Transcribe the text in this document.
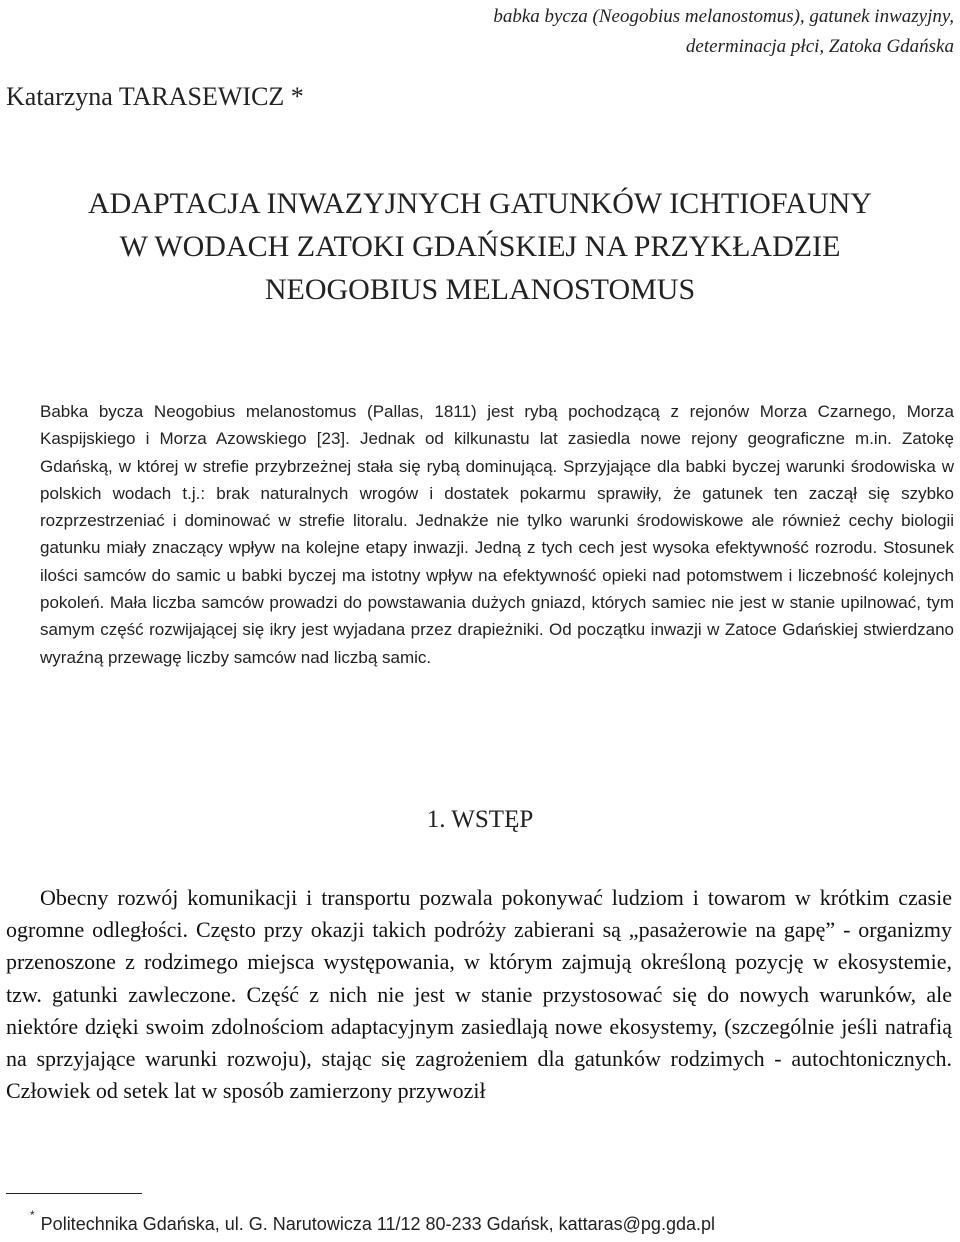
babka bycza (Neogobius melanostomus), gatunek inwazyjny, determinacja płci, Zatoka Gdańska
Katarzyna TARASEWICZ *
ADAPTACJA INWAZYJNYCH GATUNKÓW ICHTIOFAUNY
W WODACH ZATOKI GDAŃSKIEJ NA PRZYKŁADZIE
NEOGOBIUS MELANOSTOMUS
Babka bycza Neogobius melanostomus (Pallas, 1811) jest rybą pochodzącą z rejonów Morza Czarnego, Morza Kaspijskiego i Morza Azowskiego [23]. Jednak od kilkunastu lat zasiedla nowe rejony geograficzne m.in. Zatokę Gdańską, w której w strefie przybrzeżnej stała się rybą dominującą. Sprzyjające dla babki byczej warunki środowiska w polskich wodach t.j.: brak naturalnych wrogów i dostatek pokarmu sprawiły, że gatunek ten zaczął się szybko rozprzestrzeniać i dominować w strefie litoralu. Jednakże nie tylko warunki środowiskowe ale również cechy biologii gatunku miały znaczący wpływ na kolejne etapy inwazji. Jedną z tych cech jest wysoka efektywność rozrodu. Stosunek ilości samców do samic u babki byczej ma istotny wpływ na efektywność opieki nad potomstwem i liczebność kolejnych pokoleń. Mała liczba samców prowadzi do powstawania dużych gniazd, których samiec nie jest w stanie upilnować, tym samym część rozwijającej się ikry jest wyjadana przez drapieżniki. Od początku inwazji w Zatoce Gdańskiej stwierdzano wyraźną przewagę liczby samców nad liczbą samic.
1. WSTĘP
Obecny rozwój komunikacji i transportu pozwala pokonywać ludziom i towarom w krótkim czasie ogromne odległości. Często przy okazji takich podróży zabierani są „pasażerowie na gapę” - organizmy przenoszone z rodzimego miejsca występowania, w którym zajmują określoną pozycję w ekosystemie, tzw. gatunki zawleczone. Część z nich nie jest w stanie przystosować się do nowych warunków, ale niektóre dzięki swoim zdolnościom adaptacyjnym zasiedlają nowe ekosystemy, (szczególnie jeśli natrafią na sprzyjające warunki rozwoju), stając się zagrożeniem dla gatunków rodzimych - autochtonicznych. Człowiek od setek lat w sposób zamierzony przywoził
* Politechnika Gdańska, ul. G. Narutowicza 11/12 80-233 Gdańsk, kattaras@pg.gda.pl
